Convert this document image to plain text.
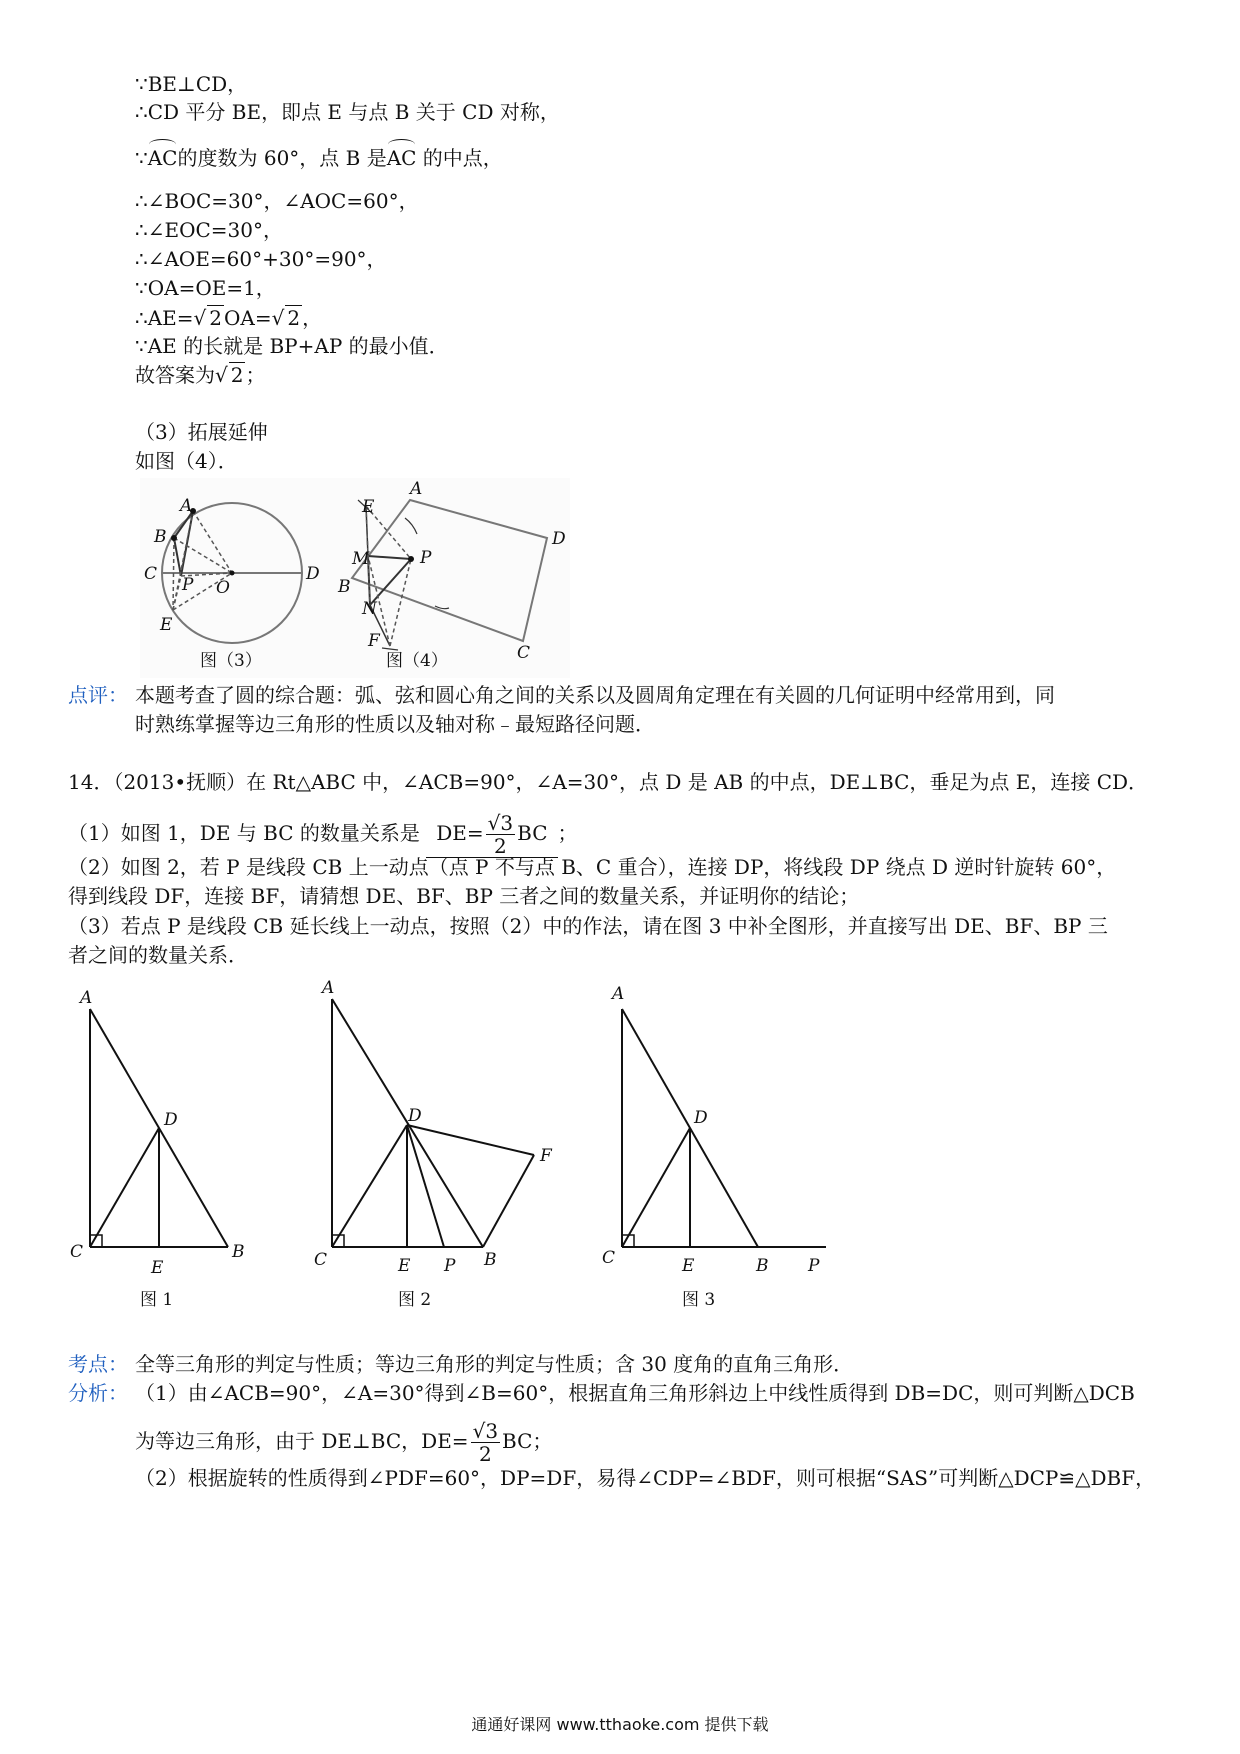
∵BE⊥CD，
∴CD 平分 BE，即点 E 与点 B 关于 CD 对称，
∵AC的度数为 60°，点 B 是AC 的中点，
∴∠BOC=30°，∠AOC=60°，
∴∠EOC=30°，
∴∠AOE=60°+30°=90°，
∵OA=OE=1，
∴AE=√ 2 OA=√ 2 ，
∵AE 的长就是 BP+AP 的最小值．
故答案为√ 2 ；
（3）拓展延伸
如图（4）．
A
B
C
P O
D
E
图（3）
E
A
D
M	P
B
N
F
C
图（4）
点评： 本题考查了圆的综合题：弧、弦和圆心角之间的关系以及圆周角定理在有关圆的几何证明中经常用到，同
时熟练掌握等边三角形的性质以及轴对称﹣最短路径问题．
14．（2013•抚顺）在 Rt△ABC 中，∠ACB=90°，∠A=30°，点 D 是 AB 的中点，DE⊥BC，垂足为点 E，连接 CD．
（1）如图 1，DE 与 BC 的数量关系是 $DE= \frac{√3}{2}$ BC ；
（2）如图 2，若 P 是线段 CB 上一动点（点 P 不与点 B、C 重合），连接 DP，将线段 DP 绕点 D 逆时针旋转 60°，
得到线段 DF，连接 BF，请猜想 DE、BF、BP 三者之间的数量关系，并证明你的结论；
（3）若点 P 是线段 CB 延长线上一动点，按照（2）中的作法，请在图 3 中补全图形，并直接写出 DE、BF、BP 三
者之间的数量关系．
A
D
C
E
B
图 1
A
D
F
C	E P B
图 2
A
D
C	E	B P
图 3
考点： 全等三角形的判定与性质；等边三角形的判定与性质；含 30 度角的直角三角形．
分析： （1）由∠ACB=90°，∠A=30°得到∠B=60°，根据直角三角形斜边上中线性质得到 DB=DC，则可判断△DCB
为等边三角形，由于 DE⊥BC，$DE= \frac{√3}{2}$ BC；
（2）根据旋转的性质得到∠PDF=60°，DP=DF，易得∠CDP=∠BDF，则可根据“SAS”可判断△DCP≌△DBF，
通通好课网 www.tthaoke.com 提供下载
